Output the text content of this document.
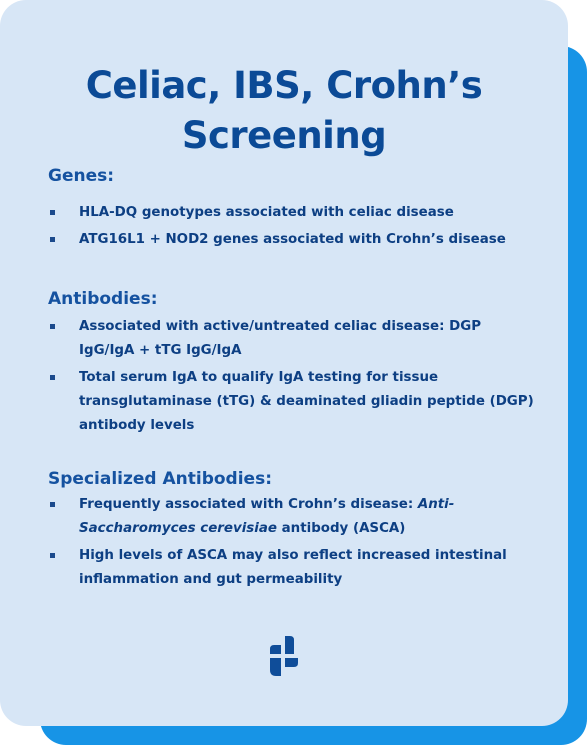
Celiac, IBS, Crohn’s
Screening
Genes:
HLA-DQ genotypes associated with celiac disease
ATG16L1 + NOD2 genes associated with Crohn’s disease
Antibodies:
Associated with active/untreated celiac disease: DGP IgG/IgA + tTG IgG/IgA
Total serum IgA to qualify IgA testing for tissue transglutaminase (tTG) & deaminated gliadin peptide (DGP) antibody levels
Specialized Antibodies:
Frequently associated with Crohn’s disease: Anti-Saccharomyces cerevisiae antibody (ASCA)
High levels of ASCA may also reflect increased intestinal inflammation and gut permeability
